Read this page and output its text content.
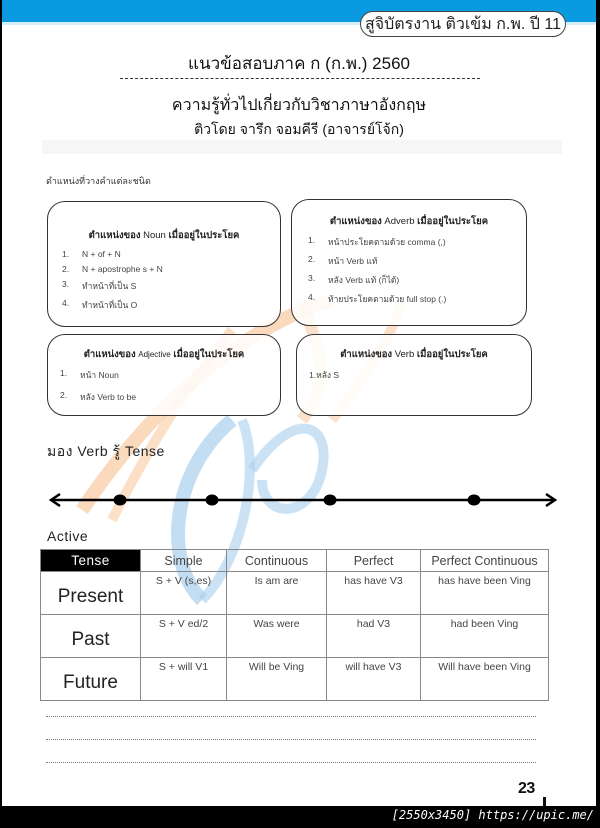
สูจิบัตรงาน ติวเข้ม ก.พ. ปี 11
แนวข้อสอบภาค ก (ก.พ.) 2560
ความรู้ทั่วไปเกี่ยวกับวิชาภาษาอังกฤษ
ติวโดย จารึก จอมคีรี (อาจารย์โจ้ก)
ตำแหน่งที่วางคำแต่ละชนิด
ตำแหน่งของ Noun เมื่ออยู่ในประโยค
1.	N + of + N
2.	N + apostrophe s + N
3.	ทำหน้าที่เป็น S
4.	ทำหน้าที่เป็น O
ตำแหน่งของ Adverb เมื่ออยู่ในประโยค
1.	หน้าประโยคตามด้วย comma (,)
2.	หน้า Verb แท้
3.	หลัง Verb แท้ (ก็ได้)
4.	ท้ายประโยคตามด้วย full stop (.)
ตำแหน่งของ Adjective เมื่ออยู่ในประโยค
1.	หน้า Noun
2.	หลัง Verb to be
ตำแหน่งของ Verb เมื่ออยู่ในประโยค
1.หลัง S
มอง Verb รู้ Tense
Active
Tense	Simple	Continuous	Perfect	Perfect Continuous
Present	S + V (s,es)	Is am are	has have V3	has have been Ving
Past	S + V ed/2	Was were	had V3	had been Ving
Future	S + will V1	Will be Ving	will have V3	Will have been Ving
23
[2550x3450] https://upic.me/
